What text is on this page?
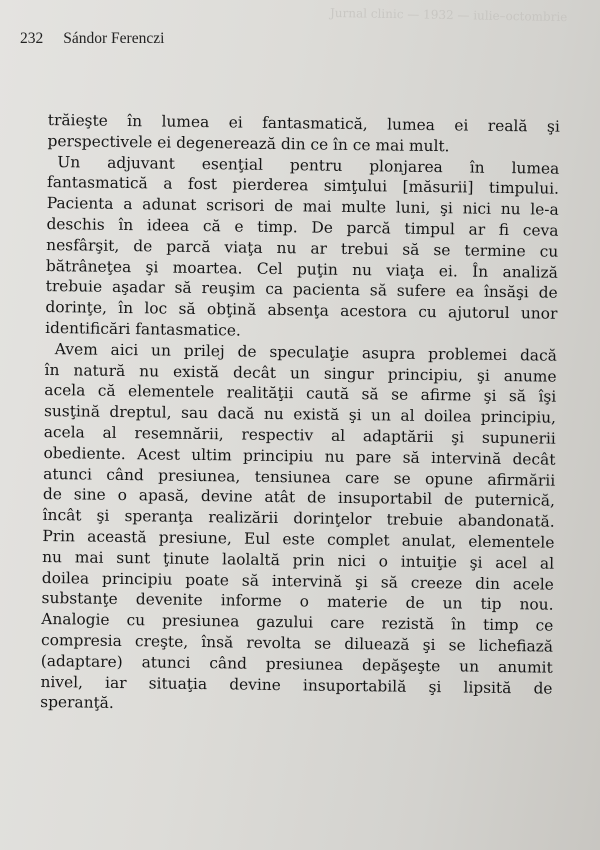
Jurnal clinic — 1932 — iulie–octombrie
232 Sándor Ferenczi
trăieşte în lumea ei fantasmatică, lumea ei reală şi
perspectivele ei degenerează din ce în ce mai mult.
Un adjuvant esenţial pentru plonjarea în lumea
fantasmatică a fost pierderea simţului [măsurii] timpului.
Pacienta a adunat scrisori de mai multe luni, şi nici nu le-a
deschis în ideea că e timp. De parcă timpul ar fi ceva
nesfârşit, de parcă viaţa nu ar trebui să se termine cu
bătrâneţea şi moartea. Cel puţin nu viaţa ei. În analiză
trebuie aşadar să reuşim ca pacienta să sufere ea însăşi de
dorinţe, în loc să obţină absenţa acestora cu ajutorul unor
identificări fantasmatice.
Avem aici un prilej de speculaţie asupra problemei dacă
în natură nu există decât un singur principiu, şi anume
acela că elementele realităţii caută să se afirme şi să îşi
susţină dreptul, sau dacă nu există şi un al doilea principiu,
acela al resemnării, respectiv al adaptării şi supunerii
obediente. Acest ultim principiu nu pare să intervină decât
atunci când presiunea, tensiunea care se opune afirmării
de sine o apasă, devine atât de insuportabil de puternică,
încât şi speranţa realizării dorinţelor trebuie abandonată.
Prin această presiune, Eul este complet anulat, elementele
nu mai sunt ţinute laolaltă prin nici o intuiţie şi acel al
doilea principiu poate să intervină şi să creeze din acele
substanţe devenite informe o materie de un tip nou.
Analogie cu presiunea gazului care rezistă în timp ce
compresia creşte, însă revolta se diluează şi se lichefiază
(adaptare) atunci când presiunea depăşeşte un anumit
nivel, iar situaţia devine insuportabilă şi lipsită de
speranţă.
